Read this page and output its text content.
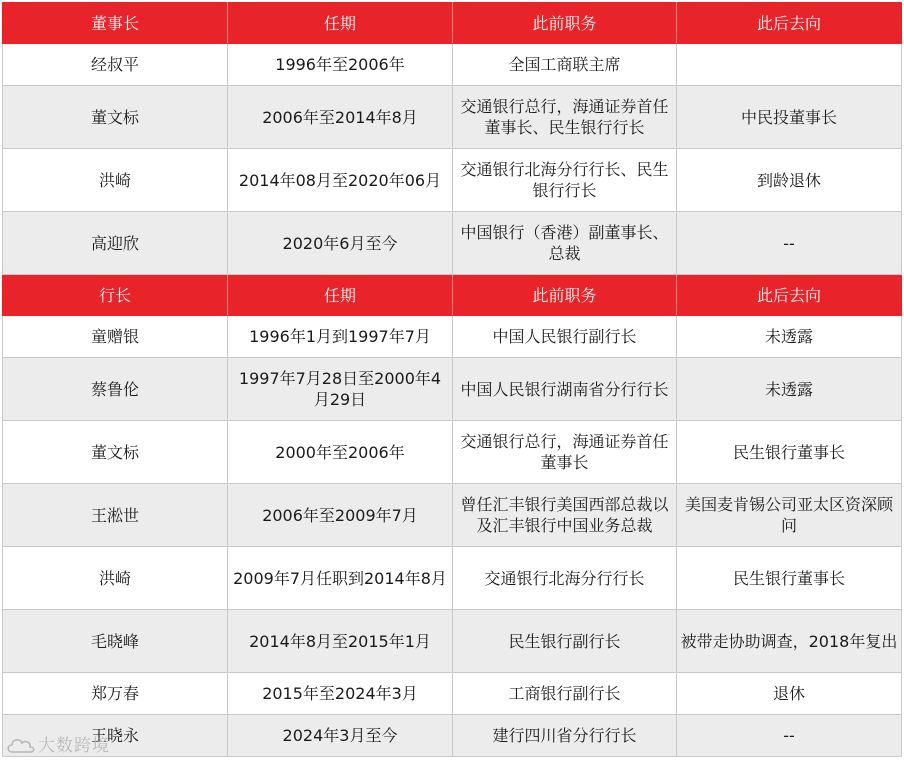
董事长	任期	此前职务	此后去向
经叔平	1996年至2006年	全国工商联主席	
董文标	2006年至2014年8月	交通银行总行，海通证券首任董事长、民生银行行长	中民投董事长
洪崎	2014年08月至2020年06月	交通银行北海分行行长、民生银行行长	到龄退休
高迎欣	2020年6月至今	中国银行（香港）副董事长、总裁	--
行长	任期	此前职务	此后去向
童赠银	1996年1月到1997年7月	中国人民银行副行长	未透露
蔡鲁伦	1997年7月28日至2000年4月29日	中国人民银行湖南省分行行长	未透露
董文标	2000年至2006年	交通银行总行，海通证券首任董事长	民生银行董事长
王淞世	2006年至2009年7月	曾任汇丰银行美国西部总裁以及汇丰银行中国业务总裁	美国麦肯锡公司亚太区资深顾问
洪崎	2009年7月任职到2014年8月	交通银行北海分行行长	民生银行董事长
毛晓峰	2014年8月至2015年1月	民生银行副行长	被带走协助调查，2018年复出
郑万春	2015年至2024年3月	工商银行副行长	退休
王晓永	2024年3月至今	建行四川省分行行长	--
大数跨境
